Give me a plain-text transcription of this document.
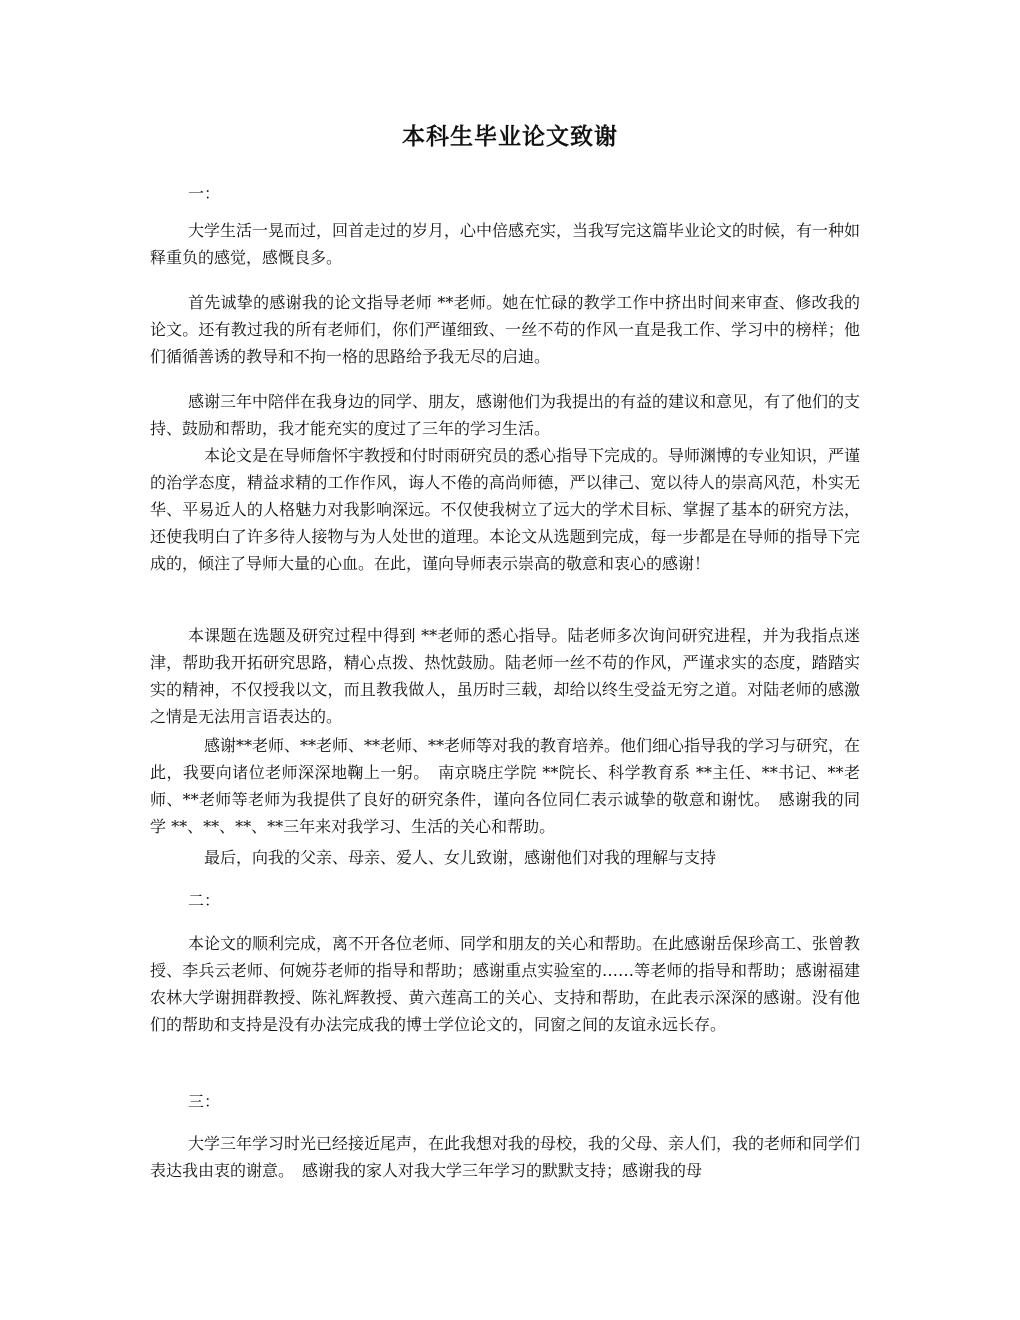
本科生毕业论文致谢

一：

大学生活一晃而过，回首走过的岁月，心中倍感充实，当我写完这篇毕业论文的时候，有一种如释重负的感觉，感慨良多。

首先诚挚的感谢我的论文指导老师 **老师。她在忙碌的教学工作中挤出时间来审查、修改我的论文。还有教过我的所有老师们，你们严谨细致、一丝不苟的作风一直是我工作、学习中的榜样；他们循循善诱的教导和不拘一格的思路给予我无尽的启迪。

感谢三年中陪伴在我身边的同学、朋友，感谢他们为我提出的有益的建议和意见，有了他们的支持、鼓励和帮助，我才能充实的度过了三年的学习生活。

本论文是在导师詹怀宇教授和付时雨研究员的悉心指导下完成的。导师渊博的专业知识，严谨的治学态度，精益求精的工作作风，诲人不倦的高尚师德，严以律己、宽以待人的崇高风范，朴实无华、平易近人的人格魅力对我影响深远。不仅使我树立了远大的学术目标、掌握了基本的研究方法，还使我明白了许多待人接物与为人处世的道理。本论文从选题到完成，每一步都是在导师的指导下完成的，倾注了导师大量的心血。在此，谨向导师表示崇高的敬意和衷心的感谢！

本课题在选题及研究过程中得到 **老师的悉心指导。陆老师多次询问研究进程，并为我指点迷津，帮助我开拓研究思路，精心点拨、热忱鼓励。陆老师一丝不苟的作风，严谨求实的态度，踏踏实实的精神，不仅授我以文，而且教我做人，虽历时三载，却给以终生受益无穷之道。对陆老师的感激之情是无法用言语表达的。

感谢**老师、**老师、**老师、**老师等对我的教育培养。他们细心指导我的学习与研究，在此，我要向诸位老师深深地鞠上一躬。　南京晓庄学院 **院长、科学教育系 **主任、**书记、**老师、**老师等老师为我提供了良好的研究条件，谨向各位同仁表示诚挚的敬意和谢忱。　感谢我的同学 **、**、**、**三年来对我学习、生活的关心和帮助。

最后，向我的父亲、母亲、爱人、女儿致谢，感谢他们对我的理解与支持

二：

本论文的顺利完成，离不开各位老师、同学和朋友的关心和帮助。在此感谢岳保珍高工、张曾教授、李兵云老师、何婉芬老师的指导和帮助；感谢重点实验室的……等老师的指导和帮助；感谢福建农林大学谢拥群教授、陈礼辉教授、黄六莲高工的关心、支持和帮助，在此表示深深的感谢。没有他们的帮助和支持是没有办法完成我的博士学位论文的，同窗之间的友谊永远长存。

三：

大学三年学习时光已经接近尾声，在此我想对我的母校，我的父母、亲人们，我的老师和同学们表达我由衷的谢意。　感谢我的家人对我大学三年学习的默默支持；感谢我的母
